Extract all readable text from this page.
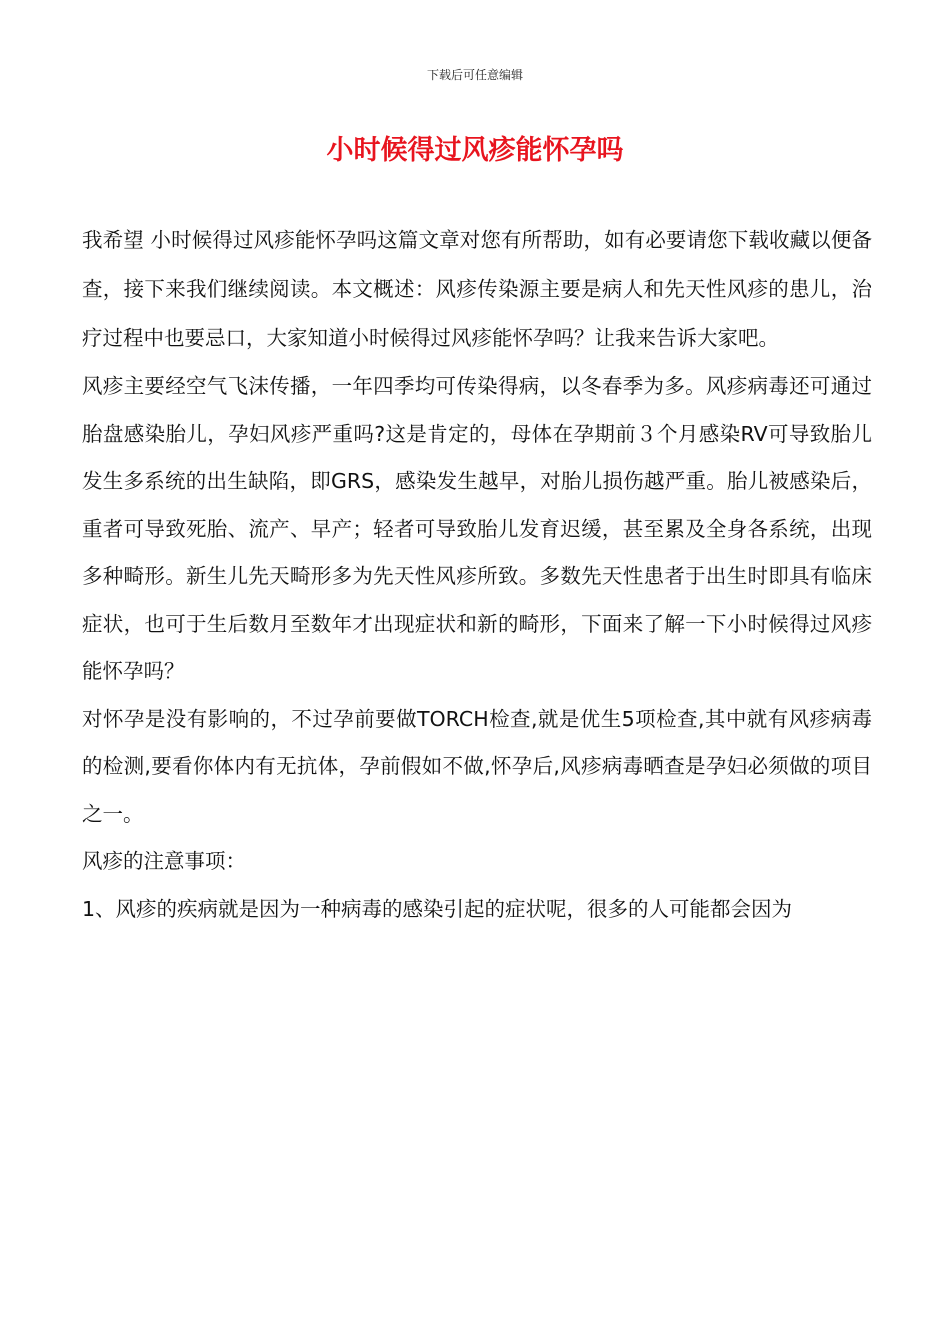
下载后可任意编辑
小时候得过风疹能怀孕吗

我希望 小时候得过风疹能怀孕吗这篇文章对您有所帮助，如有必要请您下载收藏以便备查，接下来我们继续阅读。本文概述：风疹传染源主要是病人和先天性风疹的患儿，治疗过程中也要忌口，大家知道小时候得过风疹能怀孕吗？让我来告诉大家吧。

风疹主要经空气飞沫传播，一年四季均可传染得病，以冬春季为多。风疹病毒还可通过胎盘感染胎儿，孕妇风疹严重吗?这是肯定的，母体在孕期前３个月感染RV可导致胎儿发生多系统的出生缺陷，即GRS，感染发生越早，对胎儿损伤越严重。胎儿被感染后，重者可导致死胎、流产、早产；轻者可导致胎儿发育迟缓，甚至累及全身各系统，出现多种畸形。新生儿先天畸形多为先天性风疹所致。多数先天性患者于出生时即具有临床症状，也可于生后数月至数年才出现症状和新的畸形，下面来了解一下小时候得过风疹能怀孕吗？

对怀孕是没有影响的，不过孕前要做TORCH检查,就是优生5项检查,其中就有风疹病毒的检测,要看你体内有无抗体，孕前假如不做,怀孕后,风疹病毒晒查是孕妇必须做的项目之一。

风疹的注意事项：

1、风疹的疾病就是因为一种病毒的感染引起的症状呢，很多的人可能都会因为
